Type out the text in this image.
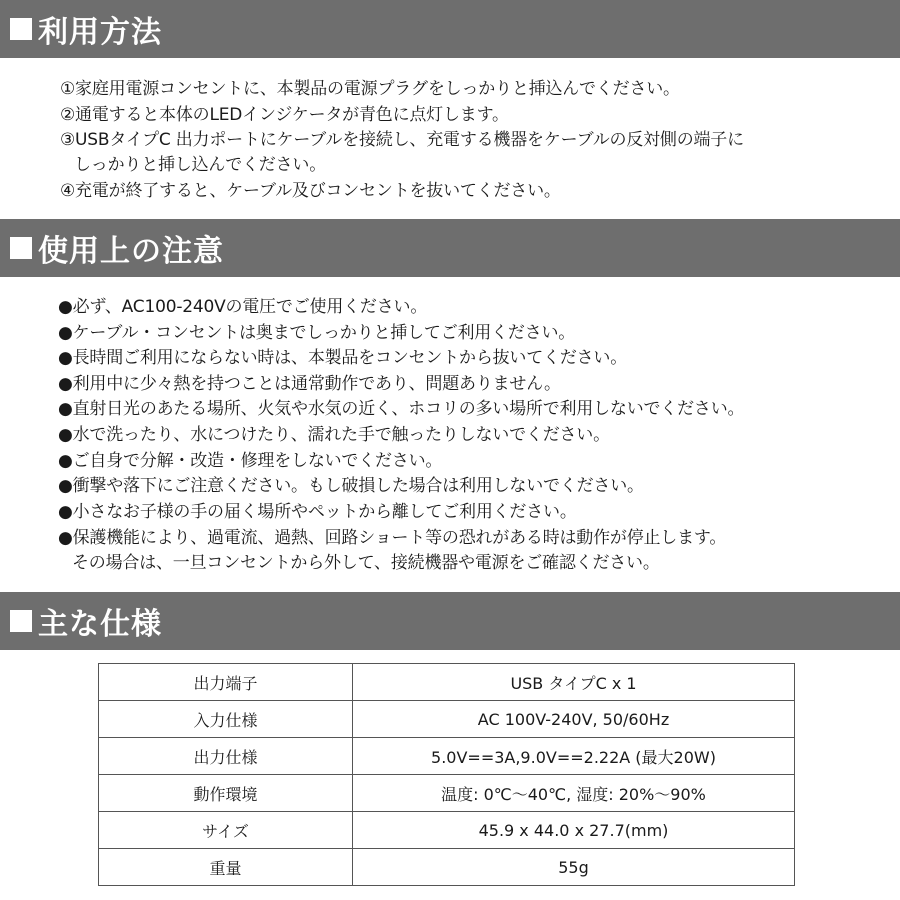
利用方法
①家庭用電源コンセントに、本製品の電源プラグをしっかりと挿込んでください。
②通電すると本体のLEDインジケータが青色に点灯します。
③USBタイプC 出力ポートにケーブルを接続し、充電する機器をケーブルの反対側の端子に
しっかりと挿し込んでください。
④充電が終了すると、ケーブル及びコンセントを抜いてください。
使用上の注意
●必ず、AC100-240Vの電圧でご使用ください。
●ケーブル・コンセントは奥までしっかりと挿してご利用ください。
●長時間ご利用にならない時は、本製品をコンセントから抜いてください。
●利用中に少々熱を持つことは通常動作であり、問題ありません。
●直射日光のあたる場所、火気や水気の近く、ホコリの多い場所で利用しないでください。
●水で洗ったり、水につけたり、濡れた手で触ったりしないでください。
●ご自身で分解・改造・修理をしないでください。
●衝撃や落下にご注意ください。もし破損した場合は利用しないでください。
●小さなお子様の手の届く場所やペットから離してご利用ください。
●保護機能により、過電流、過熱、回路ショート等の恐れがある時は動作が停止します。
その場合は、一旦コンセントから外して、接続機器や電源をご確認ください。
主な仕様
出力端子	USB タイプC x 1
入力仕様	AC 100V-240V, 50/60Hz
出力仕様	5.0V==3A,9.0V==2.22A (最大20W)
動作環境	温度: 0℃～40℃, 湿度: 20%～90%
サイズ	45.9 x 44.0 x 27.7(mm)
重量	55g
